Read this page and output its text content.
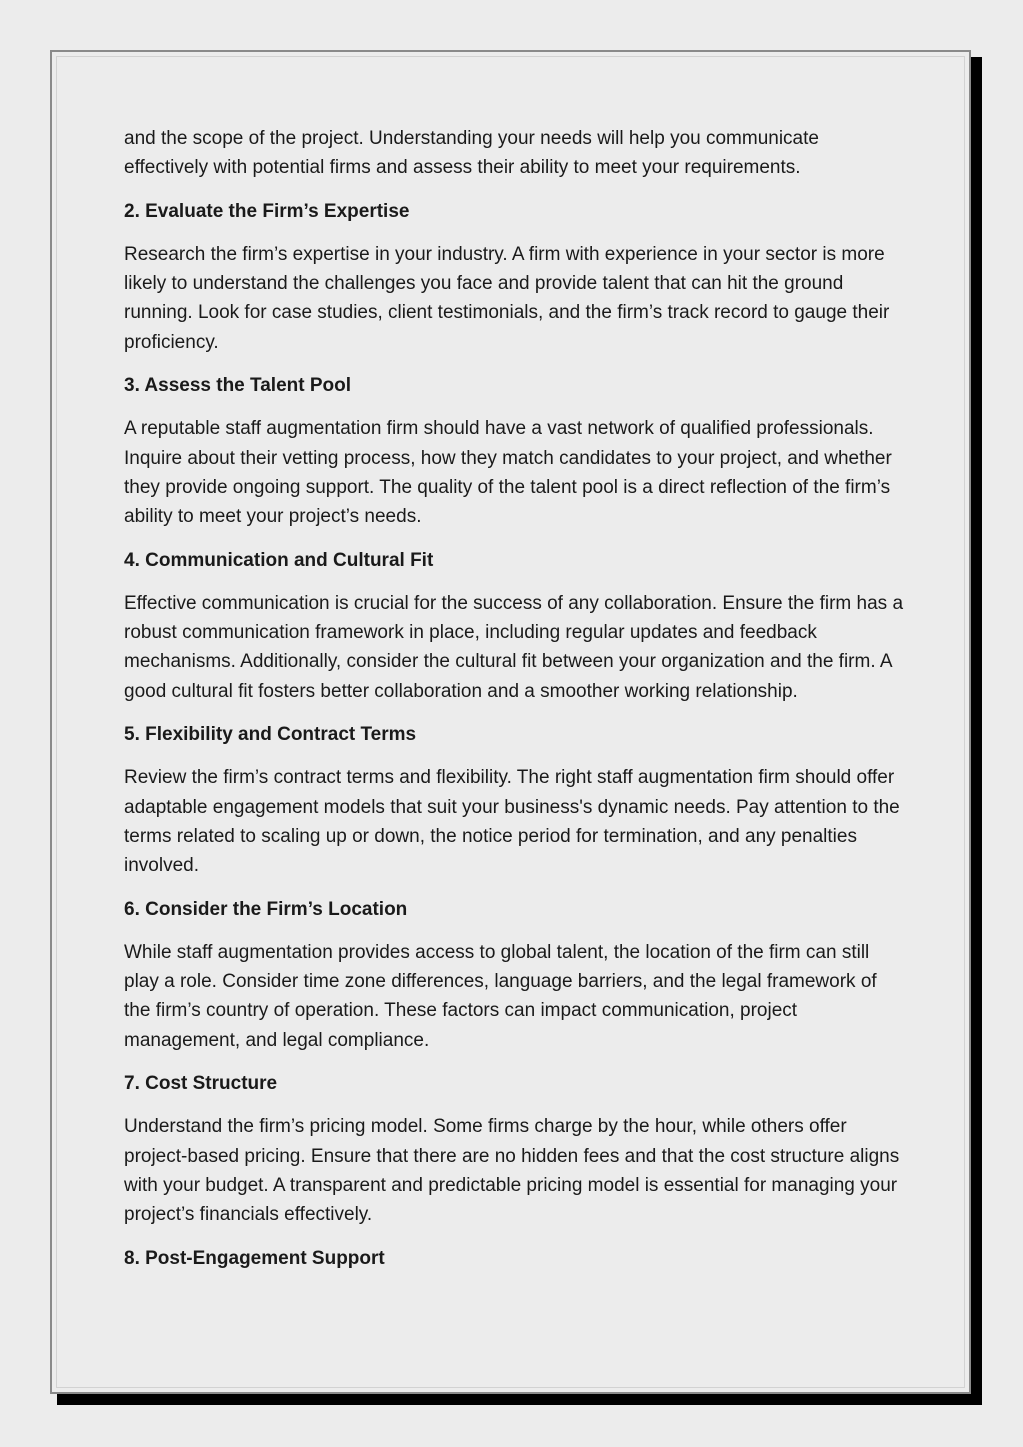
and the scope of the project. Understanding your needs will help you communicate effectively with potential firms and assess their ability to meet your requirements.

2. Evaluate the Firm’s Expertise

Research the firm’s expertise in your industry. A firm with experience in your sector is more likely to understand the challenges you face and provide talent that can hit the ground running. Look for case studies, client testimonials, and the firm’s track record to gauge their proficiency.

3. Assess the Talent Pool

A reputable staff augmentation firm should have a vast network of qualified professionals. Inquire about their vetting process, how they match candidates to your project, and whether they provide ongoing support. The quality of the talent pool is a direct reflection of the firm’s ability to meet your project’s needs.

4. Communication and Cultural Fit

Effective communication is crucial for the success of any collaboration. Ensure the firm has a robust communication framework in place, including regular updates and feedback mechanisms. Additionally, consider the cultural fit between your organization and the firm. A good cultural fit fosters better collaboration and a smoother working relationship.

5. Flexibility and Contract Terms

Review the firm’s contract terms and flexibility. The right staff augmentation firm should offer adaptable engagement models that suit your business's dynamic needs. Pay attention to the terms related to scaling up or down, the notice period for termination, and any penalties involved.

6. Consider the Firm’s Location

While staff augmentation provides access to global talent, the location of the firm can still play a role. Consider time zone differences, language barriers, and the legal framework of the firm’s country of operation. These factors can impact communication, project management, and legal compliance.

7. Cost Structure

Understand the firm’s pricing model. Some firms charge by the hour, while others offer project-based pricing. Ensure that there are no hidden fees and that the cost structure aligns with your budget. A transparent and predictable pricing model is essential for managing your project’s financials effectively.

8. Post-Engagement Support
